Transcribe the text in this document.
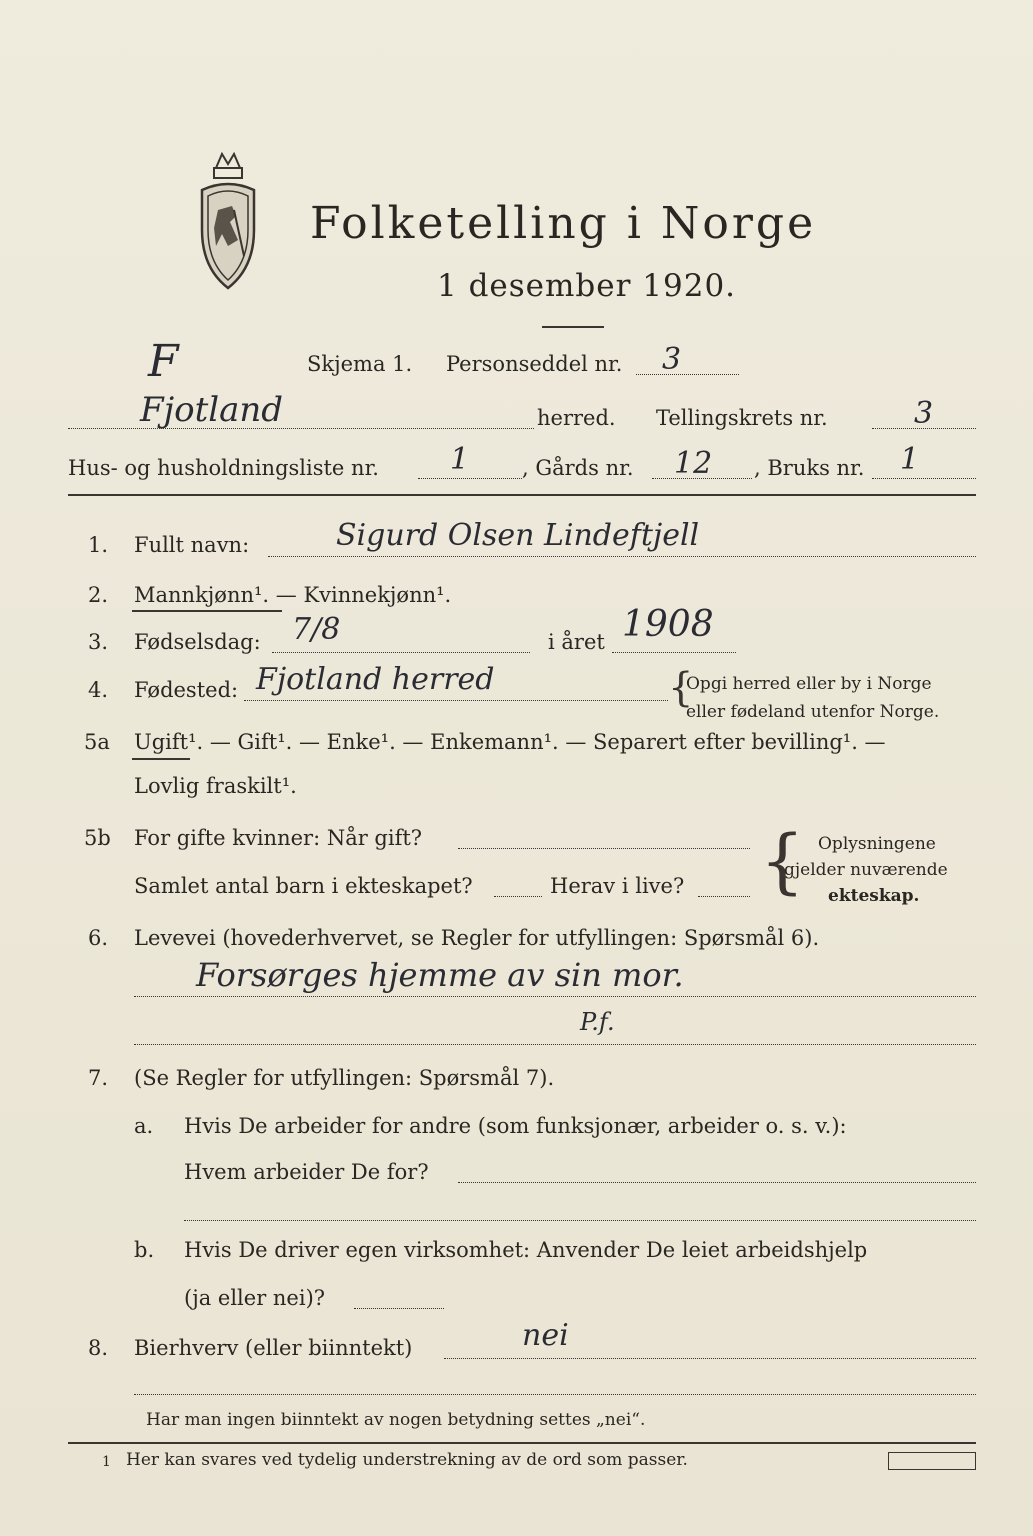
Folketelling i Norge
1 desember 1920.
F	Skjema 1. Personseddel nr. 3
Fjotland	herred. Tellingskrets nr.	3
Hus- og husholdningsliste nr. 1	, Gårds nr. 12 , Bruks nr. 1
1. Fullt navn:	Sigurd Olsen Lindeftjell
2. Mannkjønn¹. — Kvinnekjønn¹.
3. Fødselsdag: 7/8	i året 1908
4. Fødested: Fjotland herred	{
Opgi herred eller by i Norge
eller fødeland utenfor Norge.
5a Ugift¹. — Gift¹. — Enke¹. — Enkemann¹. — Separert efter bevilling¹. —
Lovlig fraskilt¹.
5b For gifte kvinner: Når gift?
Samlet antal barn i ekteskapet?	Herav i live? { Oplysningene
gjelder nuværende
ekteskap.
6. Levevei (hovederhvervet, se Regler for utfyllingen: Spørsmål 6).
Forsørges hjemme av sin mor.
P.f.
7. (Se Regler for utfyllingen: Spørsmål 7).
a. Hvis De arbeider for andre (som funksjonær, arbeider o. s. v.):
Hvem arbeider De for?
b. Hvis De driver egen virksomhet: Anvender De leiet arbeidshjelp
(ja eller nei)?
8. Bierhverv (eller biinntekt)	nei
Har man ingen biinntekt av nogen betydning settes „nei“.
1 Her kan svares ved tydelig understrekning av de ord som passer.
